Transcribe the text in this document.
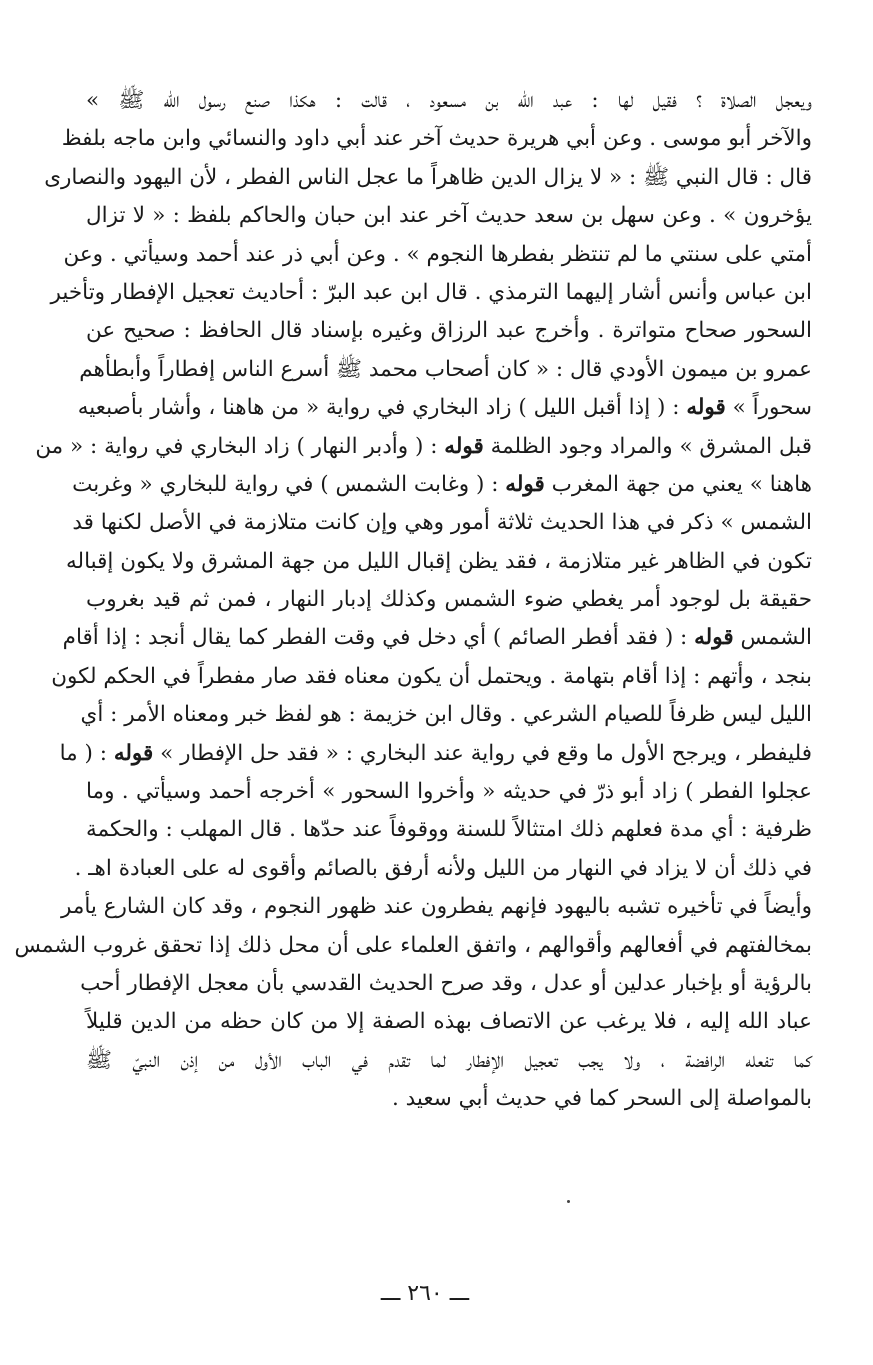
ويعجل الصلاة ؟ فقيل لها : عبد الله بن مسعود ، قالت : هكذا صنع رسول الله ﷺ »
والآخر أبو موسى . وعن أبي هريرة حديث آخر عند أبي داود والنسائي وابن ماجه بلفظ
قال : قال النبي ﷺ : « لا يزال الدين ظاهراً ما عجل الناس الفطر ، لأن اليهود والنصارى
يؤخرون » . وعن سهل بن سعد حديث آخر عند ابن حبان والحاكم بلفظ : « لا تزال
أمتي على سنتي ما لم تنتظر بفطرها النجوم » . وعن أبي ذر عند أحمد وسيأتي . وعن
ابن عباس وأنس أشار إليهما الترمذي . قال ابن عبد البرّ : أحاديث تعجيل الإفطار وتأخير
السحور صحاح متواترة . وأخرج عبد الرزاق وغيره بإسناد قال الحافظ : صحيح عن
عمرو بن ميمون الأودي قال : « كان أصحاب محمد ﷺ أسرع الناس إفطاراً وأبطأهم
سحوراً » قوله : ( إذا أقبل الليل ) زاد البخاري في رواية « من هاهنا ، وأشار بأصبعيه
قبل المشرق » والمراد وجود الظلمة قوله : ( وأدبر النهار ) زاد البخاري في رواية : « من
هاهنا » يعني من جهة المغرب قوله : ( وغابت الشمس ) في رواية للبخاري « وغربت
الشمس » ذكر في هذا الحديث ثلاثة أمور وهي وإن كانت متلازمة في الأصل لكنها قد
تكون في الظاهر غير متلازمة ، فقد يظن إقبال الليل من جهة المشرق ولا يكون إقباله
حقيقة بل لوجود أمر يغطي ضوء الشمس وكذلك إدبار النهار ، فمن ثم قيد بغروب
الشمس قوله : ( فقد أفطر الصائم ) أي دخل في وقت الفطر كما يقال أنجد : إذا أقام
بنجد ، وأتهم : إذا أقام بتهامة . ويحتمل أن يكون معناه فقد صار مفطراً في الحكم لكون
الليل ليس ظرفاً للصيام الشرعي . وقال ابن خزيمة : هو لفظ خبر ومعناه الأمر : أي
فليفطر ، ويرجح الأول ما وقع في رواية عند البخاري : « فقد حل الإفطار » قوله : ( ما
عجلوا الفطر ) زاد أبو ذرّ في حديثه « وأخروا السحور » أخرجه أحمد وسيأتي . وما
ظرفية : أي مدة فعلهم ذلك امتثالاً للسنة ووقوفاً عند حدّها . قال المهلب : والحكمة
في ذلك أن لا يزاد في النهار من الليل ولأنه أرفق بالصائم وأقوى له على العبادة اهـ .
وأيضاً في تأخيره تشبه باليهود فإنهم يفطرون عند ظهور النجوم ، وقد كان الشارع يأمر
بمخالفتهم في أفعالهم وأقوالهم ، واتفق العلماء على أن محل ذلك إذا تحقق غروب الشمس
بالرؤية أو بإخبار عدلين أو عدل ، وقد صرح الحديث القدسي بأن معجل الإفطار أحب
عباد الله إليه ، فلا يرغب عن الاتصاف بهذه الصفة إلا من كان حظه من الدين قليلاً
كما تفعله الرافضة ، ولا يجب تعجيل الإفطار لما تقدم في الباب الأول من إذن النبيّ ﷺ
بالمواصلة إلى السحر كما في حديث أبي سعيد .
ـــ ٢٦٠ ـــ
